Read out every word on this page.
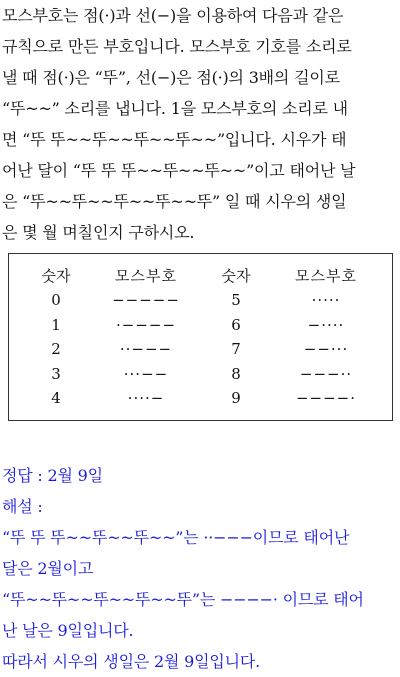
모스부호는 점(·)과 선(−)을 이용하여 다음과 같은
규칙으로 만든 부호입니다. 모스부호 기호를 소리로
낼 때 점(·)은 “뚜”, 선(−)은 점(·)의 3배의 길이로
“뚜~~” 소리를 냅니다. 1을 모스부호의 소리로 내
면 “뚜 뚜~~뚜~~뚜~~뚜~~”입니다. 시우가 태
어난 달이 “뚜 뚜 뚜~~뚜~~뚜~~”이고 태어난 날
은 “뚜~~뚜~~뚜~~뚜~~뚜” 일 때 시우의 생일
은 몇 월 며칠인지 구하시오.
숫자	모스부호	숫자	모스부호
0	−−−−−	5	·····
1	·−−−−	6	−····
2	··−−−	7	−−···
3	···−−	8	−−−··
4	····−	9	−−−−·
정답 : 2월 9일
해설 :
“뚜 뚜 뚜~~뚜~~뚜~~”는 ··−−−이므로 태어난
달은 2월이고
“뚜~~뚜~~뚜~~뚜~~뚜”는 −−−−· 이므로 태어
난 날은 9일입니다.
따라서 시우의 생일은 2월 9일입니다.
